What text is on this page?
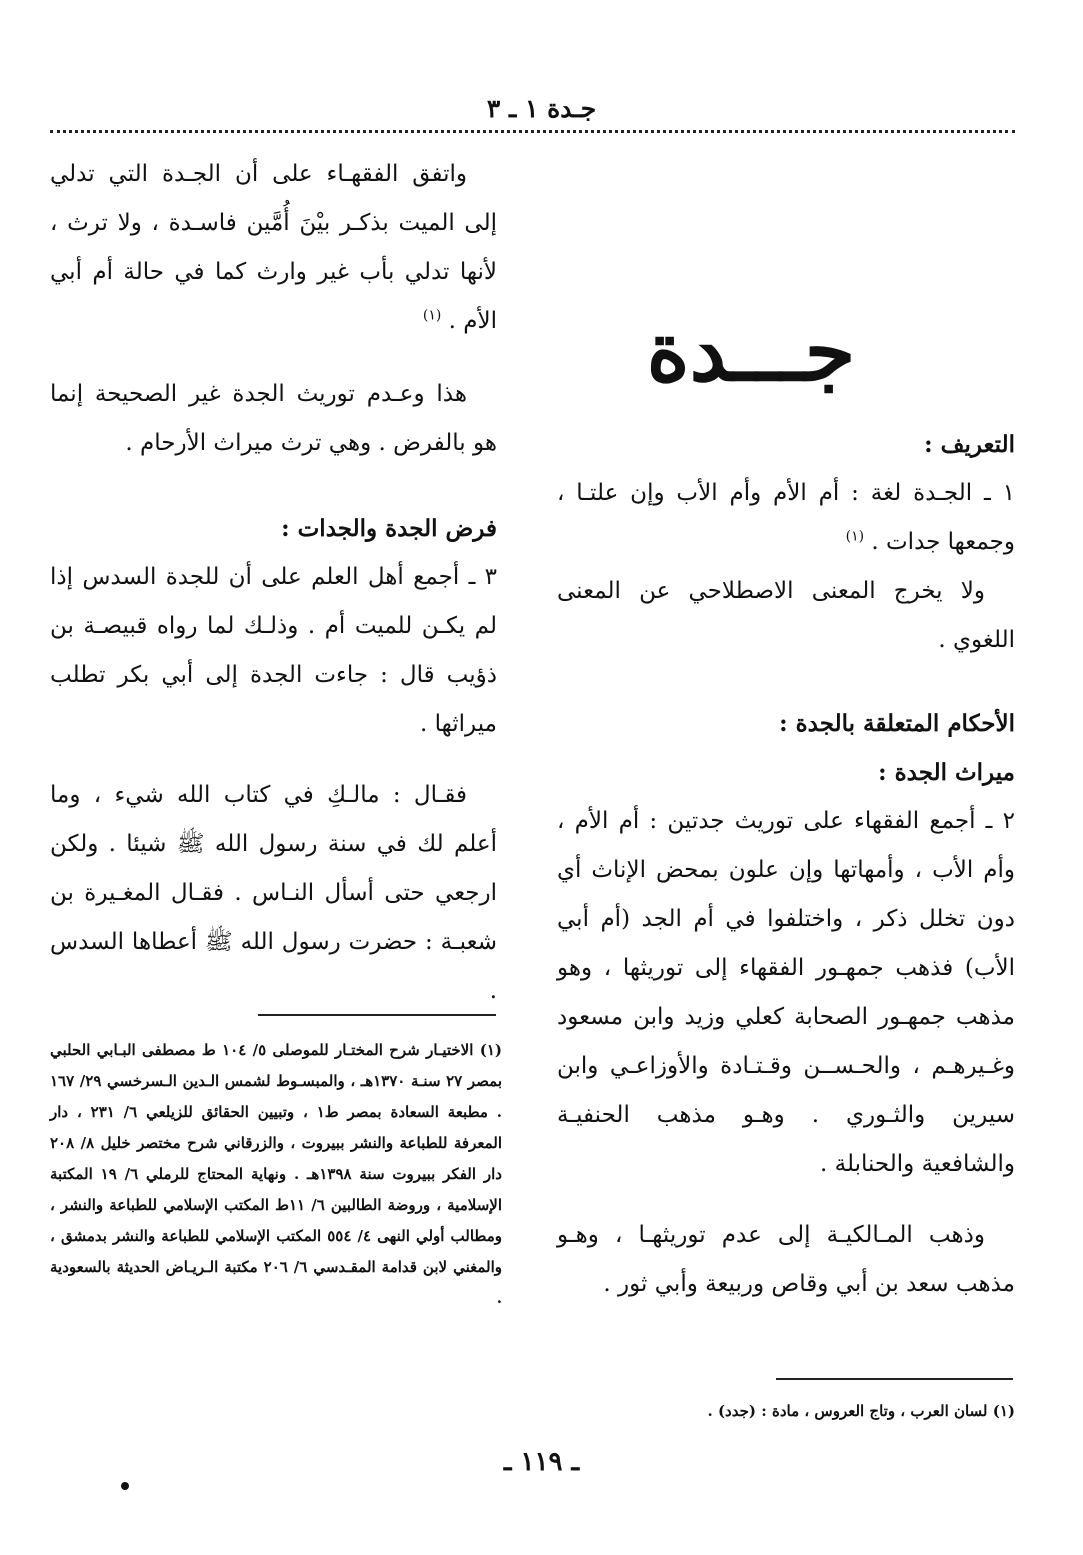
جـدة ١ ـ ٣
جـــدة

التعريف :

١ ـ الجـدة لغة : أم الأم وأم الأب وإن علتـا ، وجمعها جدات . $^{(١)}$

ولا يخرج المعنى الاصطلاحي عن المعنى اللغوي .

الأحكام المتعلقة بالجدة :

ميراث الجدة :

٢ ـ أجمع الفقهاء على توريث جدتين : أم الأم ، وأم الأب ، وأمهاتها وإن علون بمحض الإناث أي دون تخلل ذكر ، واختلفوا في أم الجد (أم أبي الأب) فذهب جمهـور الفقهاء إلى توريثها ، وهو مذهب جمهـور الصحابة كعلي وزيد وابن مسعود وغـيرهـم ، والحـســن وقـتـادة والأوزاعـي وابن سيرين والثـوري . وهـو مذهب الحنفيـة والشافعية والحنابلة .

وذهب المـالكيـة إلى عدم توريثهـا ، وهـو مذهب سعد بن أبي وقاص وربيعة وأبي ثور .

واتفق الفقهـاء على أن الجـدة التي تدلي إلى الميت بذكـر بيْنَ أُمَّين فاسـدة ، ولا ترث ، لأنها تدلي بأب غير وارث كما في حالة أم أبي الأم . $^{(١)}$

هذا وعـدم توريث الجدة غير الصحيحة إنما هو بالفرض . وهي ترث ميراث الأرحام .

فرض الجدة والجدات :

٣ ـ أجمع أهل العلم على أن للجدة السدس إذا لم يكـن للميت أم . وذلـك لما رواه قبيصـة بن ذؤيب قال : جاءت الجدة إلى أبي بكر تطلب ميراثها .

فقـال : مالـكِ في كتاب الله شيء ، وما أعلم لك في سنة رسول الله ﷺ شيئا . ولكن ارجعي حتى أسأل النـاس . فقـال المغـيرة بن شعبـة : حضرت رسول الله ﷺ أعطاها السدس .

(١) الاختيـار شرح المختـار للموصلى ٥/ ١٠٤ ط مصطفى البـابي الحلبي بمصر ٢٧ سنـة ١٣٧٠هـ ، والمبسـوط لشمس الـدين الـسرخسي ٢٩/ ١٦٧ . مطبعة السعادة بمصر ط١ ، وتبيين الحقائق للزيلعي ٦/ ٢٣١ ، دار المعرفة للطباعة والنشر ببيروت ، والزرقاني شرح مختصر خليل ٨/ ٢٠٨ دار الفكر ببيروت سنة ١٣٩٨هـ . ونهاية المحتاج للرملي ٦/ ١٩ المكتبة الإسلامية ، وروضة الطالبين ٦/ ١١ط المكتب الإسلامي للطباعة والنشر ، ومطالب أولي النهى ٤/ ٥٥٤ المكتب الإسلامي للطباعة والنشر بدمشق ، والمغني لابن قدامة المقـدسي ٦/ ٢٠٦ مكتبة الـريـاض الحديثة بالسعودية .
(١) لسان العرب ، وتاج العروس ، مادة : (جدد) .
ـ ١١٩ ـ
